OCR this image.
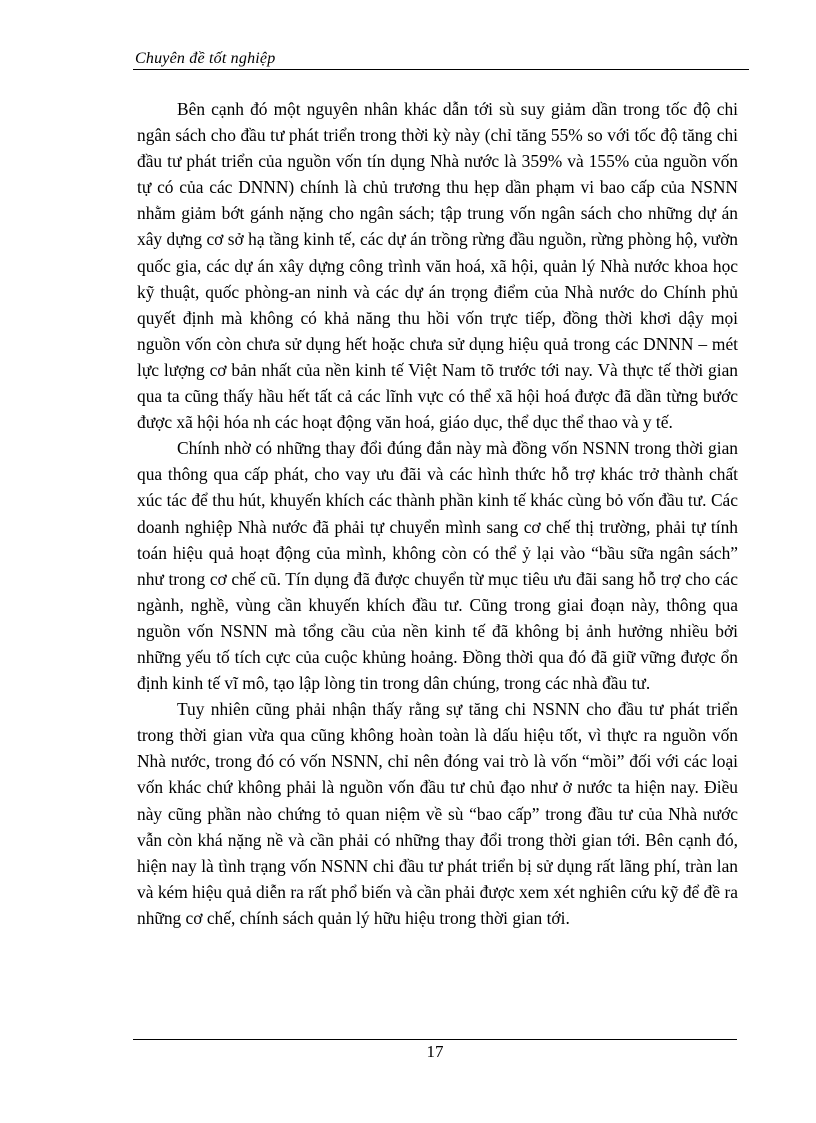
Chuyên đề tốt nghiệp

Bên cạnh đó một nguyên nhân khác dẫn tới sù suy giảm dần trong tốc độ chi ngân sách cho đầu tư phát triển trong thời kỳ này (chỉ tăng 55% so với tốc độ tăng chi đầu tư phát triển của nguồn vốn tín dụng Nhà nước là 359% và 155% của nguồn vốn tự có của các DNNN) chính là chủ trương thu hẹp dần phạm vi bao cấp của NSNN nhằm giảm bớt gánh nặng cho ngân sách; tập trung vốn ngân sách cho những dự án xây dựng cơ sở hạ tầng kinh tế, các dự án trồng rừng đầu nguồn, rừng phòng hộ, vườn quốc gia, các dự án xây dựng công trình văn hoá, xã hội, quản lý Nhà nước khoa học kỹ thuật, quốc phòng-an ninh và các dự án trọng điểm của Nhà nước do Chính phủ quyết định mà không có khả năng thu hồi vốn trực tiếp, đồng thời khơi dậy mọi nguồn vốn còn chưa sử dụng hết hoặc chưa sử dụng hiệu quả trong các DNNN – mét lực lượng cơ bản nhất của nền kinh tế Việt Nam tõ trước tới nay. Và thực tế thời gian qua ta cũng thấy hầu hết tất cả các lĩnh vực có thể xã hội hoá được đã dần từng bước được xã hội hóa nh các hoạt động văn hoá, giáo dục, thể dục thể thao và y tế.

Chính nhờ có những thay đổi đúng đắn này mà đồng vốn NSNN trong thời gian qua thông qua cấp phát, cho vay ưu đãi và các hình thức hỗ trợ khác trở thành chất xúc tác để thu hút, khuyến khích các thành phần kinh tế khác cùng bỏ vốn đầu tư. Các doanh nghiệp Nhà nước đã phải tự chuyển mình sang cơ chế thị trường, phải tự tính toán hiệu quả hoạt động của mình, không còn có thể ỷ lại vào “bầu sữa ngân sách” như trong cơ chế cũ. Tín dụng đã được chuyển từ mục tiêu ưu đãi sang hỗ trợ cho các ngành, nghề, vùng cần khuyến khích đầu tư. Cũng trong giai đoạn này, thông qua nguồn vốn NSNN mà tổng cầu của nền kinh tế đã không bị ảnh hưởng nhiều bởi những yếu tố tích cực của cuộc khủng hoảng. Đồng thời qua đó đã giữ vững được ổn định kinh tế vĩ mô, tạo lập lòng tin trong dân chúng, trong các nhà đầu tư.

Tuy nhiên cũng phải nhận thấy rằng sự tăng chi NSNN cho đầu tư phát triển trong thời gian vừa qua cũng không hoàn toàn là dấu hiệu tốt, vì thực ra nguồn vốn Nhà nước, trong đó có vốn NSNN, chỉ nên đóng vai trò là vốn “mồi” đối với các loại vốn khác chứ không phải là nguồn vốn đầu tư chủ đạo như ở nước ta hiện nay. Điều này cũng phần nào chứng tỏ quan niệm về sù “bao cấp” trong đầu tư của Nhà nước vẫn còn khá nặng nề và cần phải có những thay đổi trong thời gian tới. Bên cạnh đó, hiện nay là tình trạng vốn NSNN chi đầu tư phát triển bị sử dụng rất lãng phí, tràn lan và kém hiệu quả diễn ra rất phổ biến và cần phải được xem xét nghiên cứu kỹ để đề ra những cơ chế, chính sách quản lý hữu hiệu trong thời gian tới.

17
